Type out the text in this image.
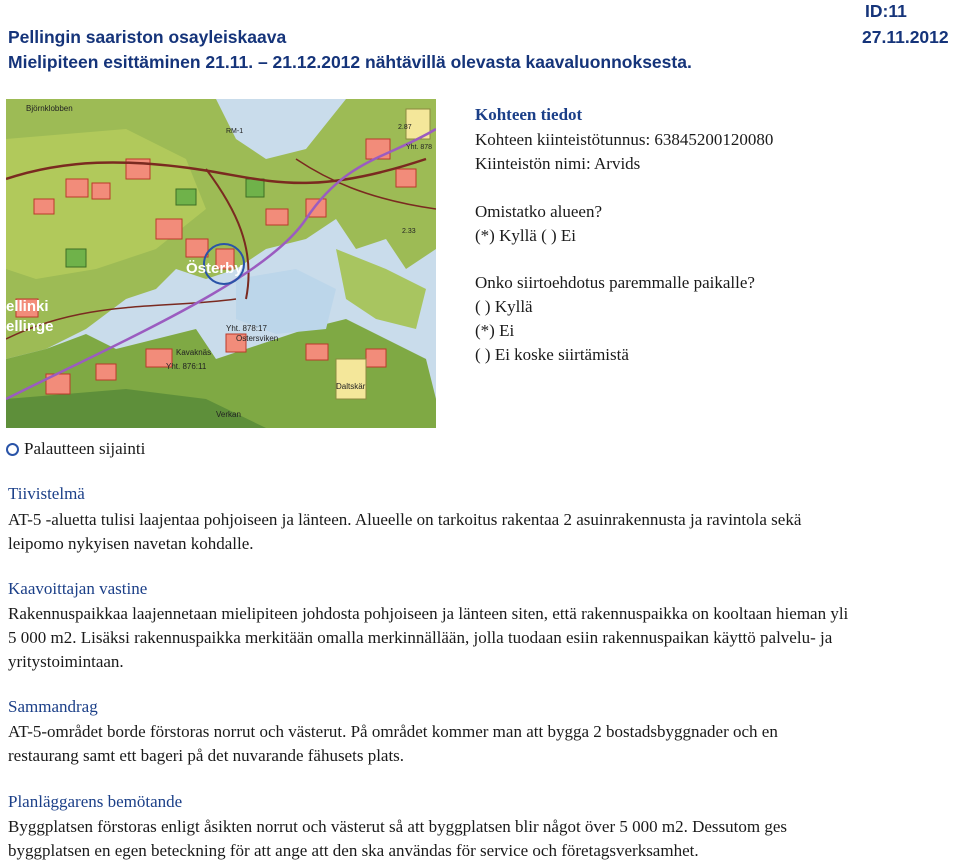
Pellingin saariston osayleiskaava
Mielipiteen esittäminen 21.11. – 21.12.2012 nähtävillä olevasta kaavaluonnoksesta.
ID:11
27.11.2012
Björnklobben
Österby
Yht. 878:17
Ostersviken
Yht. 876:11
Kavaknäs
ellinki
ellinge
Verkan
Daltskär
RM-1
2.87
2.33
Yht. 878
Kohteen tiedot
Kohteen kiinteistötunnus: 63845200120080
Kiinteistön nimi: Arvids
Omistatko alueen?
(*) Kyllä ( ) Ei
Onko siirtoehdotus paremmalle paikalle?
( ) Kyllä
(*) Ei
( ) Ei koske siirtämistä
Palautteen sijainti
Tiivistelmä
AT-5 -aluetta tulisi laajentaa pohjoiseen ja länteen. Alueelle on tarkoitus rakentaa 2 asuinrakennusta ja ravintola sekä
leipomo nykyisen navetan kohdalle.
Kaavoittajan vastine
Rakennuspaikkaa laajennetaan mielipiteen johdosta pohjoiseen ja länteen siten, että rakennuspaikka on kooltaan hieman yli
5 000 m2. Lisäksi rakennuspaikka merkitään omalla merkinnällään, jolla tuodaan esiin rakennuspaikan käyttö palvelu- ja
yritystoimintaan.
Sammandrag
AT-5-området borde förstoras norrut och västerut. På området kommer man att bygga 2 bostadsbyggnader och en
restaurang samt ett bageri på det nuvarande fähusets plats.
Planläggarens bemötande
Byggplatsen förstoras enligt åsikten norrut och västerut så att byggplatsen blir något över 5 000 m2. Dessutom ges
byggplatsen en egen beteckning för att ange att den ska användas för service och företagsverksamhet.
